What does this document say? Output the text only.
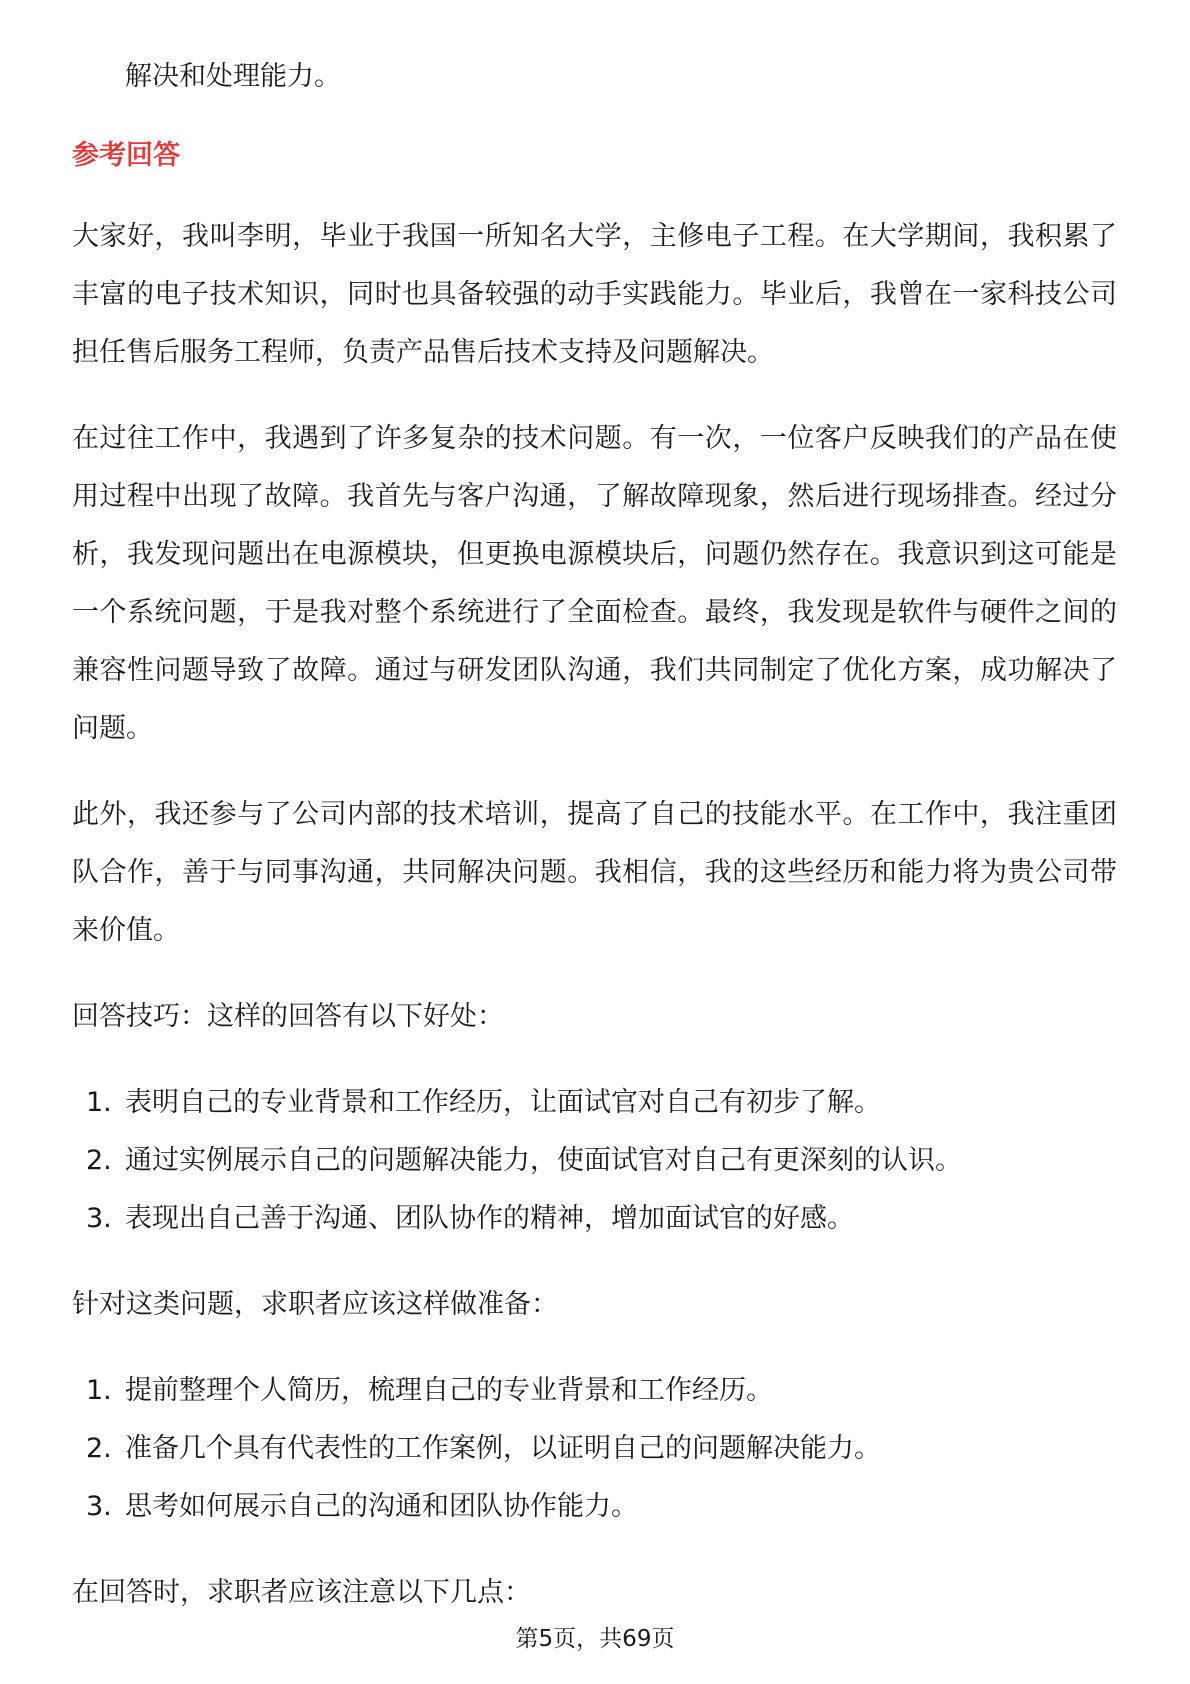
解决和处理能力。

参考回答

大家好，我叫李明，毕业于我国一所知名大学，主修电子工程。在大学期间，我积累了丰富的电子技术知识，同时也具备较强的动手实践能力。毕业后，我曾在一家科技公司担任售后服务工程师，负责产品售后技术支持及问题解决。

在过往工作中，我遇到了许多复杂的技术问题。有一次，一位客户反映我们的产品在使用过程中出现了故障。我首先与客户沟通，了解故障现象，然后进行现场排查。经过分析，我发现问题出在电源模块，但更换电源模块后，问题仍然存在。我意识到这可能是一个系统问题，于是我对整个系统进行了全面检查。最终，我发现是软件与硬件之间的兼容性问题导致了故障。通过与研发团队沟通，我们共同制定了优化方案，成功解决了问题。

此外，我还参与了公司内部的技术培训，提高了自己的技能水平。在工作中，我注重团队合作，善于与同事沟通，共同解决问题。我相信，我的这些经历和能力将为贵公司带来价值。

回答技巧：这样的回答有以下好处：

1. 表明自己的专业背景和工作经历，让面试官对自己有初步了解。
2. 通过实例展示自己的问题解决能力，使面试官对自己有更深刻的认识。
3. 表现出自己善于沟通、团队协作的精神，增加面试官的好感。

针对这类问题，求职者应该这样做准备：

1. 提前整理个人简历，梳理自己的专业背景和工作经历。
2. 准备几个具有代表性的工作案例，以证明自己的问题解决能力。
3. 思考如何展示自己的沟通和团队协作能力。

在回答时，求职者应该注意以下几点：

第5页，共69页
